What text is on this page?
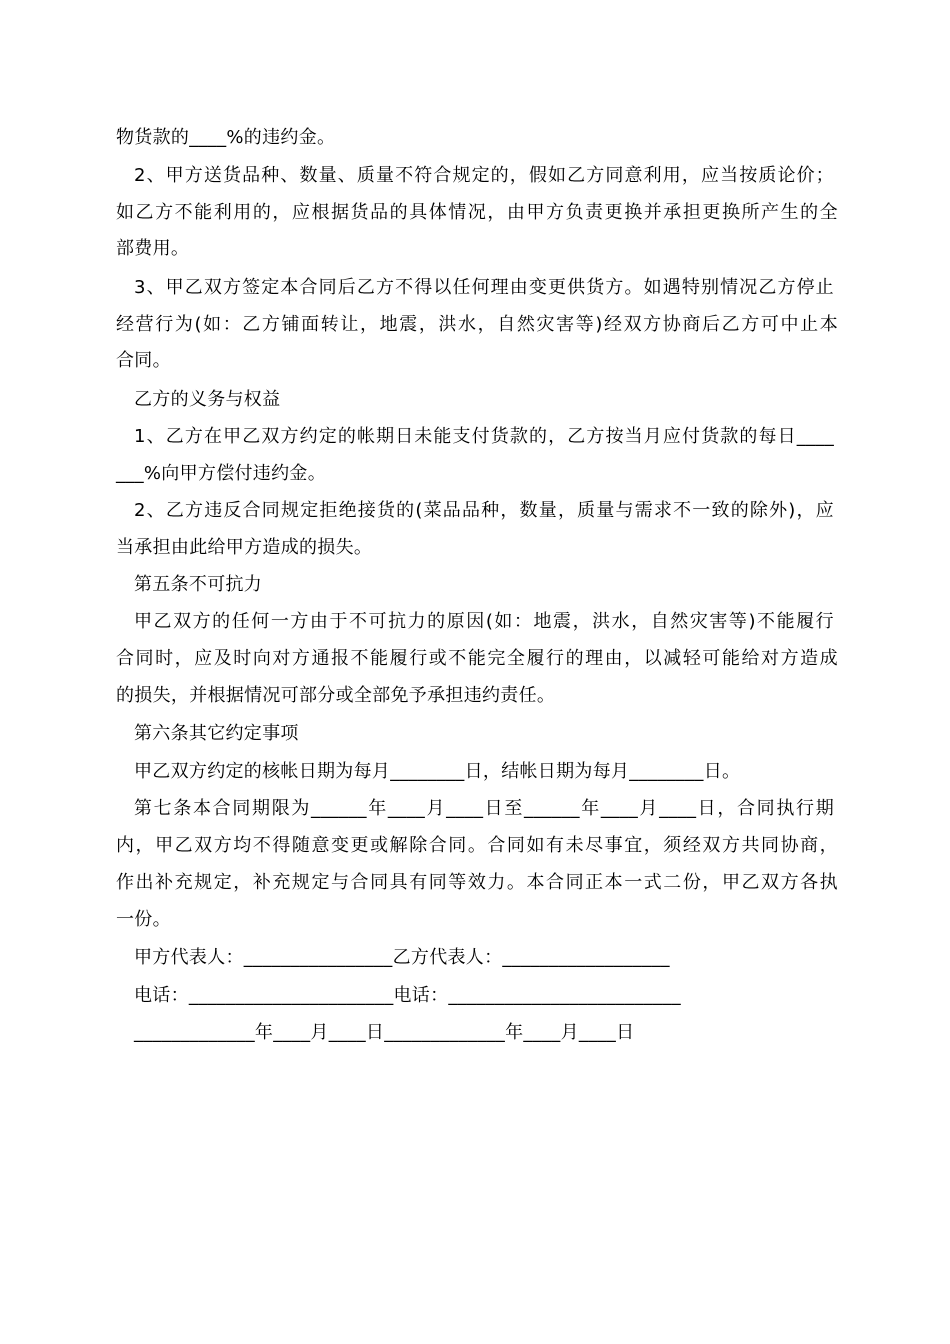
物货款的____%的违约金。
2、甲方送货品种、数量、质量不符合规定的，假如乙方同意利用，应当按质论价；
如乙方不能利用的，应根据货品的具体情况，由甲方负责更换并承担更换所产生的全
部费用。
3、甲乙双方签定本合同后乙方不得以任何理由变更供货方。如遇特别情况乙方停止
经营行为(如：乙方铺面转让，地震，洪水，自然灾害等)经双方协商后乙方可中止本
合同。
乙方的义务与权益
1、乙方在甲乙双方约定的帐期日未能支付货款的，乙方按当月应付货款的每日____
___%向甲方偿付违约金。
2、乙方违反合同规定拒绝接货的(菜品品种，数量，质量与需求不一致的除外)，应
当承担由此给甲方造成的损失。
第五条不可抗力
甲乙双方的任何一方由于不可抗力的原因(如：地震，洪水，自然灾害等)不能履行
合同时，应及时向对方通报不能履行或不能完全履行的理由，以减轻可能给对方造成
的损失，并根据情况可部分或全部免予承担违约责任。
第六条其它约定事项
甲乙双方约定的核帐日期为每月________日，结帐日期为每月________日。
第七条本合同期限为______年____月____日至______年____月____日，合同执行期
内，甲乙双方均不得随意变更或解除合同。合同如有未尽事宜，须经双方共同协商，
作出补充规定，补充规定与合同具有同等效力。本合同正本一式二份，甲乙双方各执
一份。
甲方代表人：________________乙方代表人：__________________
电话：______________________电话：_________________________
_____________年____月____日_____________年____月____日
